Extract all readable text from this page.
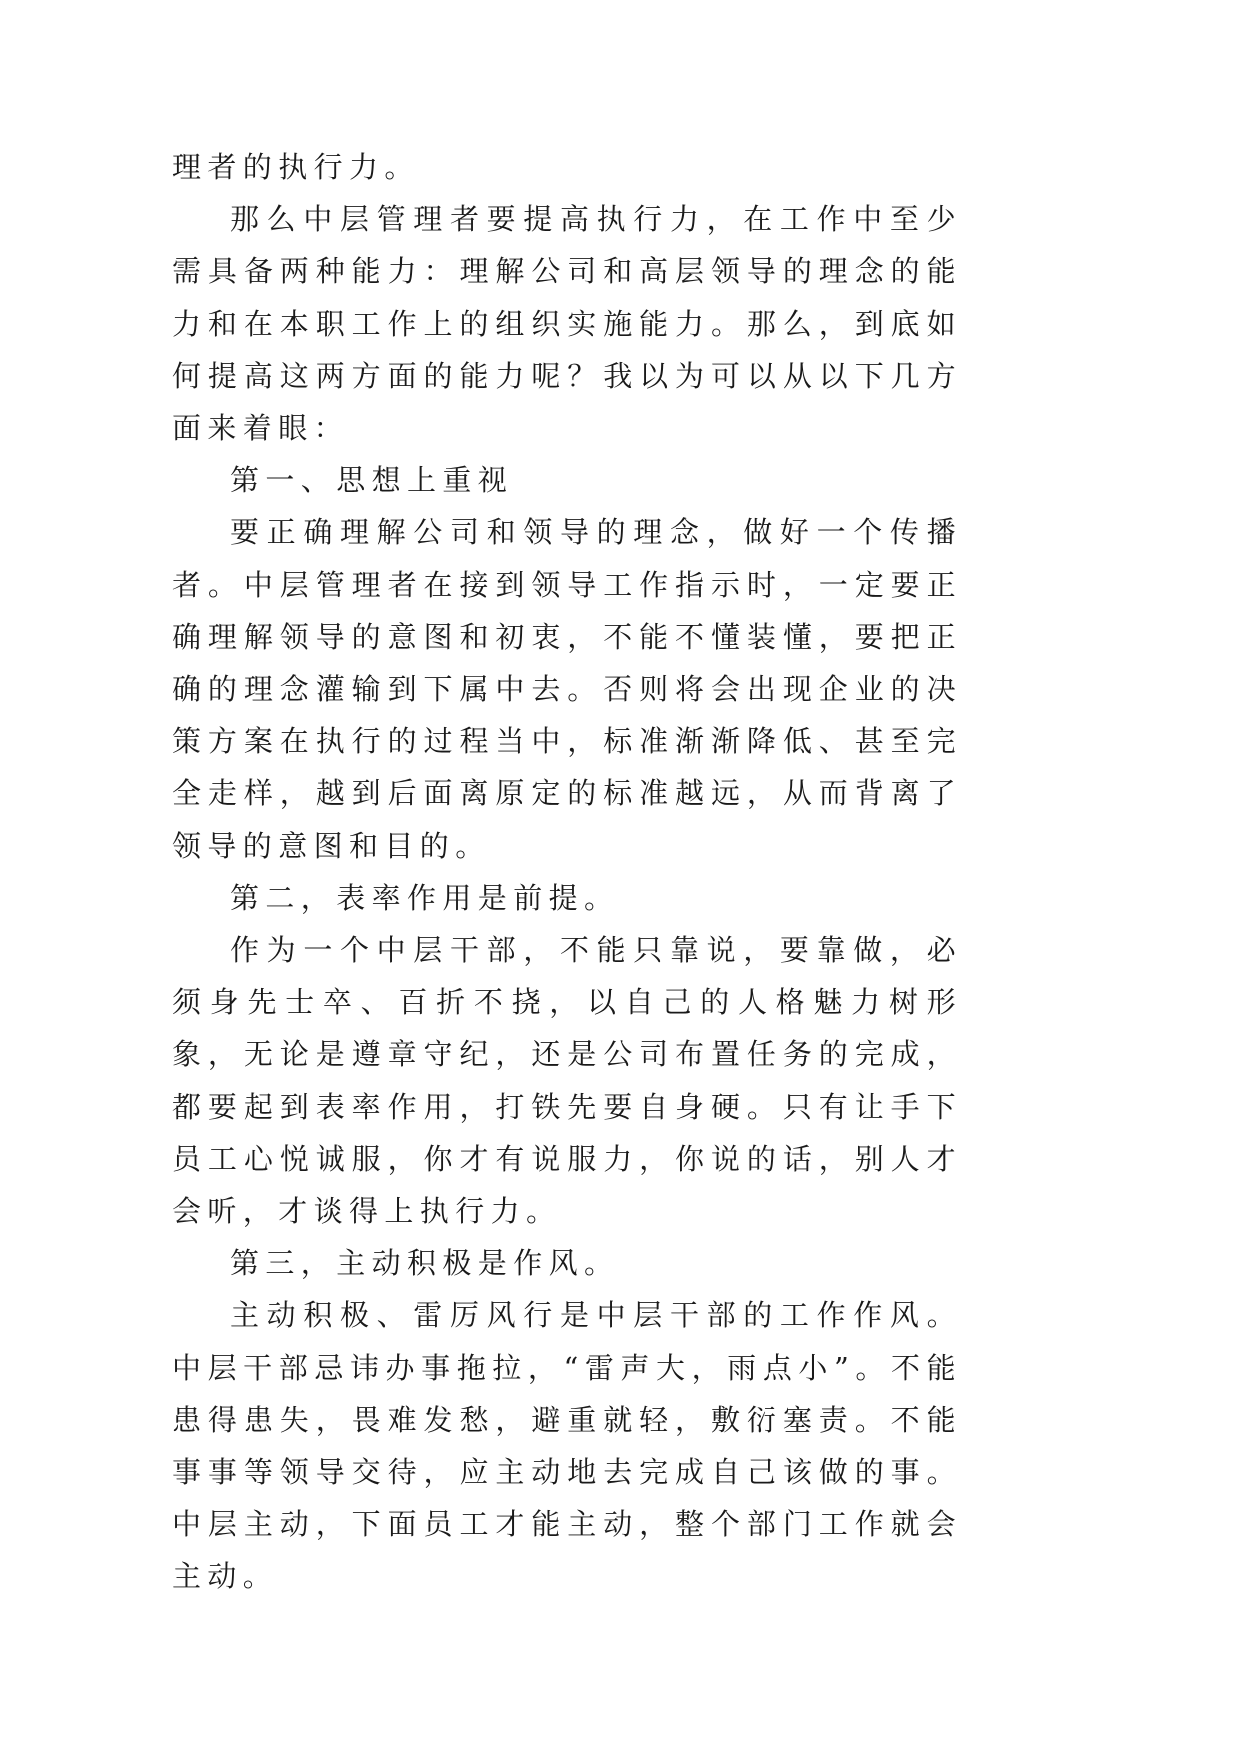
理者的执行力。

那么中层管理者要提高执行力，在工作中至少需具备两种能力：理解公司和高层领导的理念的能力和在本职工作上的组织实施能力。那么，到底如何提高这两方面的能力呢？我以为可以从以下几方面来着眼：

第一、思想上重视

要正确理解公司和领导的理念，做好一个传播者。中层管理者在接到领导工作指示时，一定要正确理解领导的意图和初衷，不能不懂装懂，要把正确的理念灌输到下属中去。否则将会出现企业的决策方案在执行的过程当中，标准渐渐降低、甚至完全走样，越到后面离原定的标准越远，从而背离了领导的意图和目的。

第二，表率作用是前提。

作为一个中层干部，不能只靠说，要靠做，必须身先士卒、百折不挠，以自己的人格魅力树形象，无论是遵章守纪，还是公司布置任务的完成，都要起到表率作用，打铁先要自身硬。只有让手下员工心悦诚服，你才有说服力，你说的话，别人才会听，才谈得上执行力。

第三，主动积极是作风。

主动积极、雷厉风行是中层干部的工作作风。中层干部忌讳办事拖拉，“雷声大，雨点小”。不能患得患失，畏难发愁，避重就轻，敷衍塞责。不能事事等领导交待，应主动地去完成自己该做的事。中层主动，下面员工才能主动，整个部门工作就会主动。
